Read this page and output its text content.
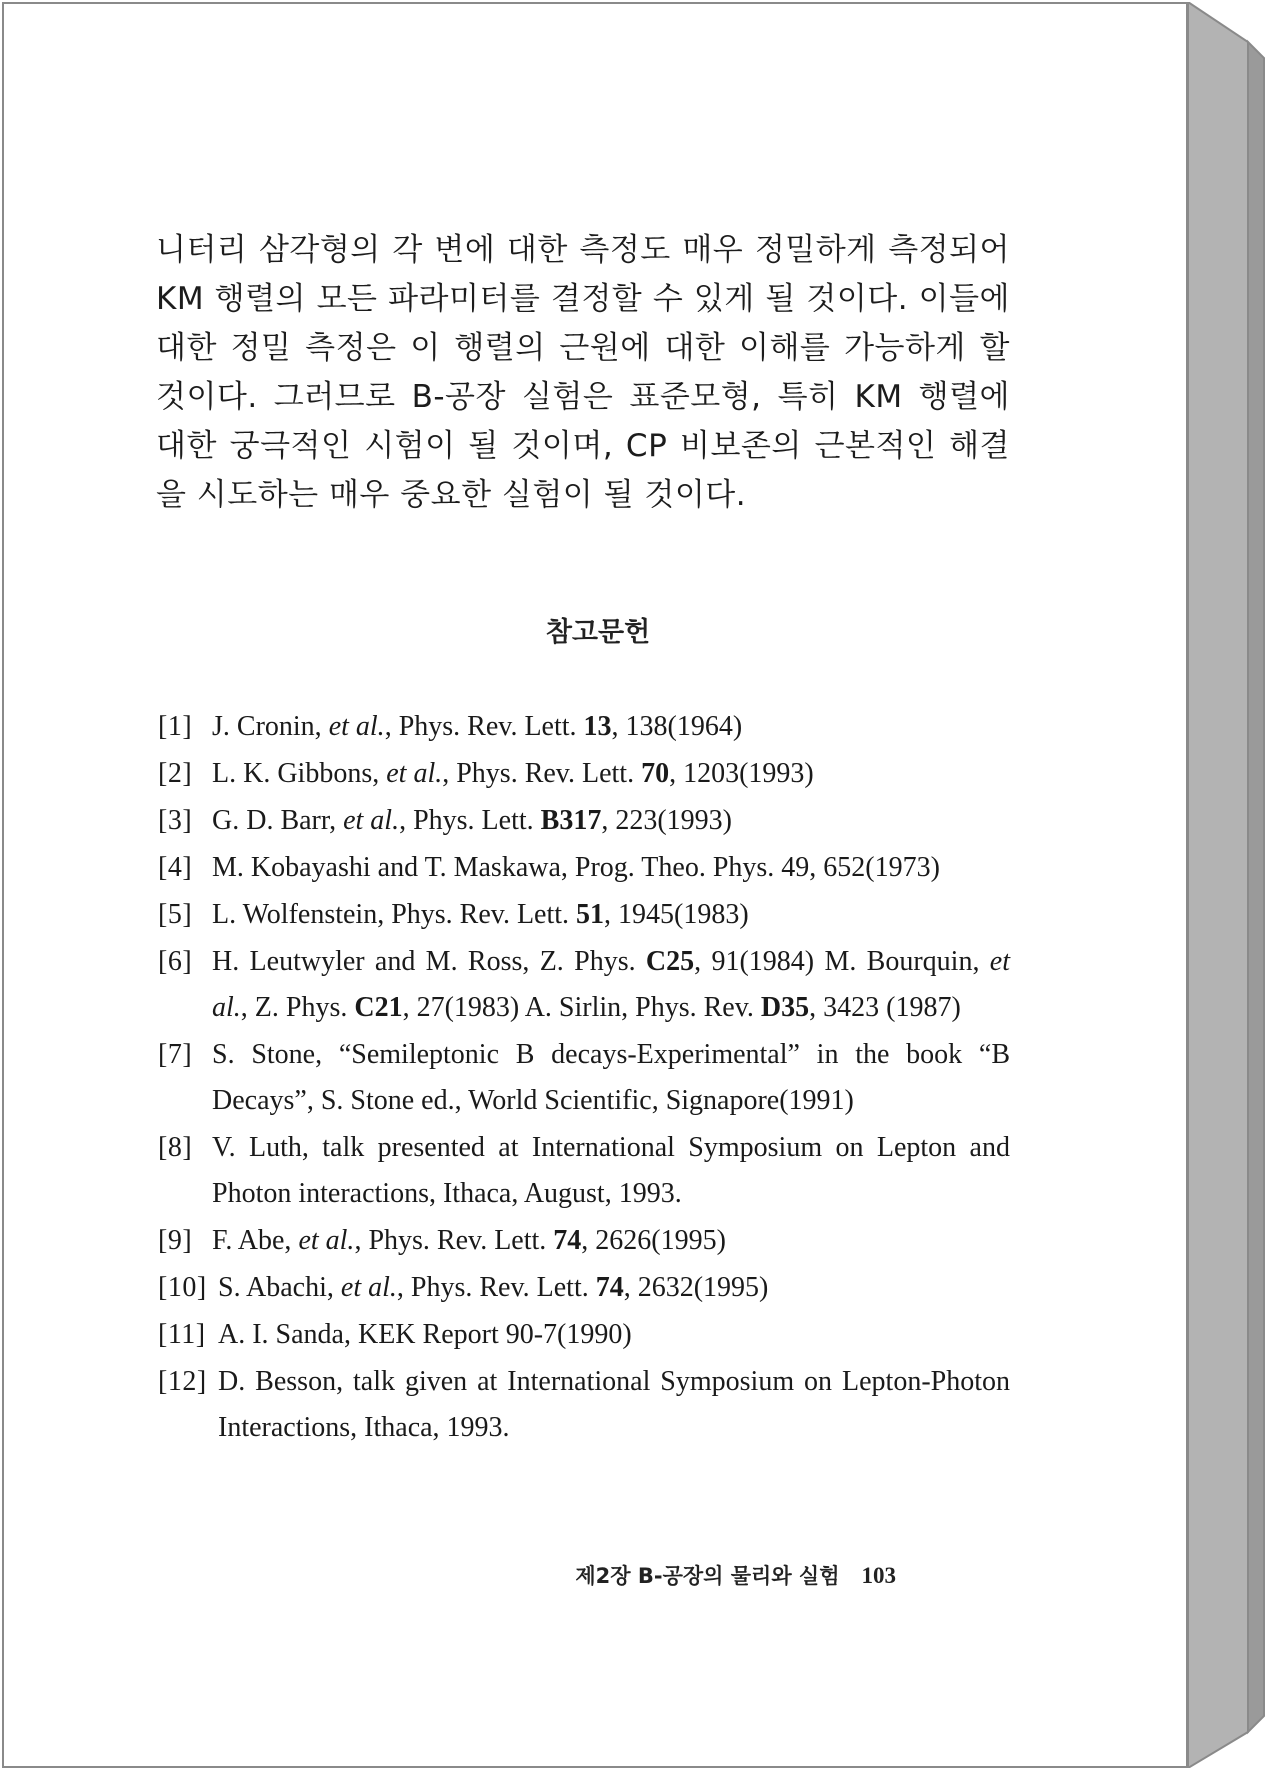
니터리 삼각형의 각 변에 대한 측정도 매우 정밀하게 측정되어 KM 행렬의 모든 파라미터를 결정할 수 있게 될 것이다. 이들에 대한 정밀 측정은 이 행렬의 근원에 대한 이해를 가능하게 할 것이다. 그러므로 B-공장 실험은 표준모형, 특히 KM 행렬에 대한 궁극적인 시험이 될 것이며, CP 비보존의 근본적인 해결을 시도하는 매우 중요한 실험이 될 것이다.

참고문헌
[1] J. Cronin, et al., Phys. Rev. Lett. 13, 138(1964)
[2] L. K. Gibbons, et al., Phys. Rev. Lett. 70, 1203(1993)
[3] G. D. Barr, et al., Phys. Lett. B317, 223(1993)
[4] M. Kobayashi and T. Maskawa, Prog. Theo. Phys. 49, 652(1973)
[5] L. Wolfenstein, Phys. Rev. Lett. 51, 1945(1983)
[6] H. Leutwyler and M. Ross, Z. Phys. C25, 91(1984) M. Bourquin, et al., Z. Phys. C21, 27(1983) A. Sirlin, Phys. Rev. D35, 3423 (1987)
[7] S. Stone, “Semileptonic B decays-Experimental” in the book “B Decays”, S. Stone ed., World Scientific, Signapore(1991)
[8] V. Luth, talk presented at International Symposium on Lepton and Photon interactions, Ithaca, August, 1993.
[9] F. Abe, et al., Phys. Rev. Lett. 74, 2626(1995)
[10] S. Abachi, et al., Phys. Rev. Lett. 74, 2632(1995)
[11] A. I. Sanda, KEK Report 90-7(1990)
[12] D. Besson, talk given at International Symposium on Lepton-Photon Interactions, Ithaca, 1993.
제2장 B-공장의 물리와 실험 103
